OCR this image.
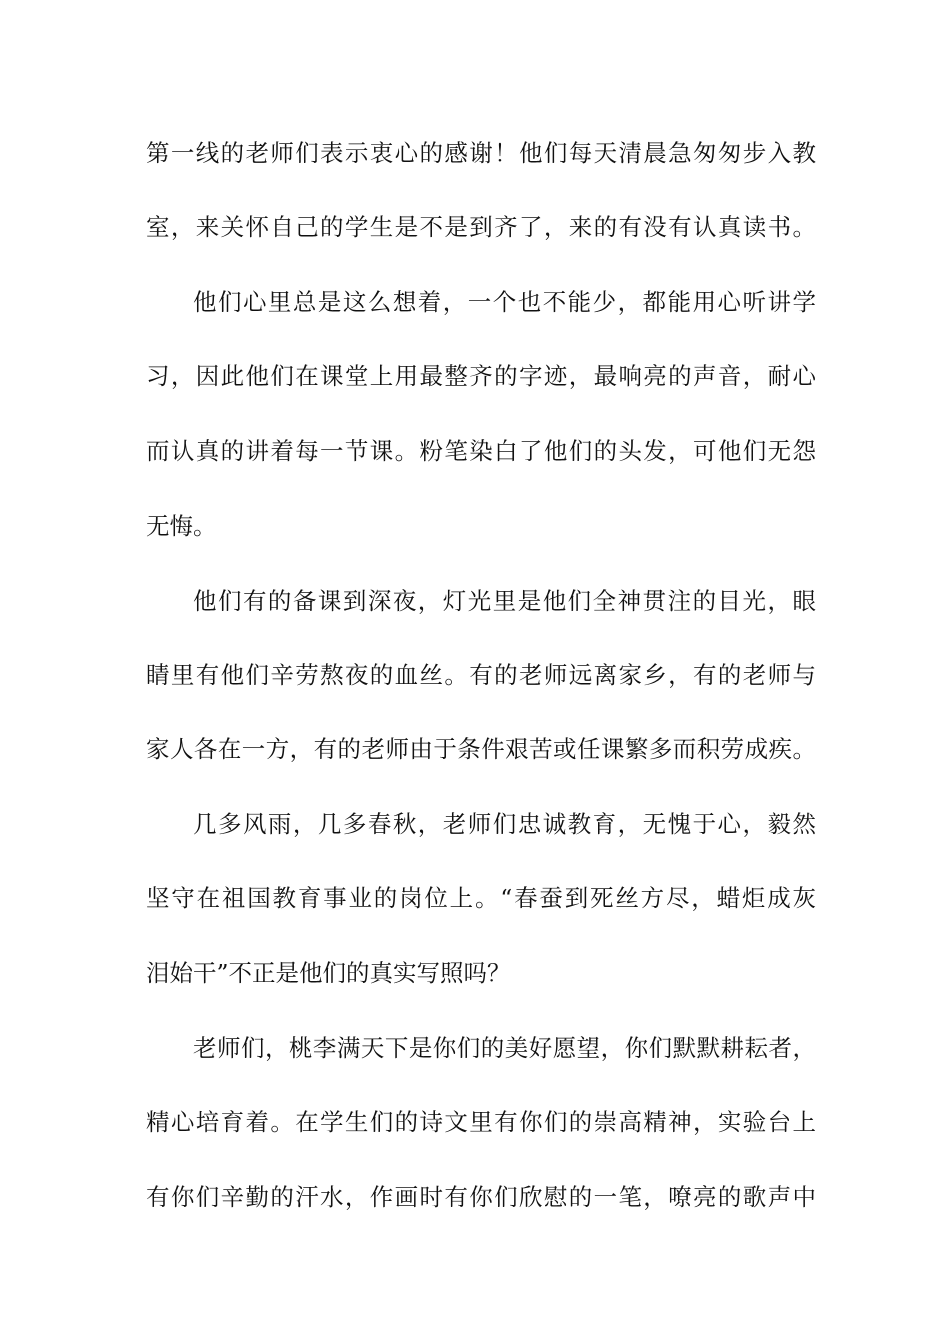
第一线的老师们表示衷心的感谢！他们每天清晨急匆匆步入教
室，来关怀自己的学生是不是到齐了，来的有没有认真读书。
他们心里总是这么想着，一个也不能少，都能用心听讲学
习，因此他们在课堂上用最整齐的字迹，最响亮的声音，耐心
而认真的讲着每一节课。粉笔染白了他们的头发，可他们无怨
无悔。
他们有的备课到深夜，灯光里是他们全神贯注的目光，眼
睛里有他们辛劳熬夜的血丝。有的老师远离家乡，有的老师与
家人各在一方，有的老师由于条件艰苦或任课繁多而积劳成疾。
几多风雨，几多春秋，老师们忠诚教育，无愧于心，毅然
坚守在祖国教育事业的岗位上。“春蚕到死丝方尽，蜡炬成灰
泪始干”不正是他们的真实写照吗？
老师们，桃李满天下是你们的美好愿望，你们默默耕耘者，
精心培育着。在学生们的诗文里有你们的崇高精神，实验台上
有你们辛勤的汗水，作画时有你们欣慰的一笔，嘹亮的歌声中
